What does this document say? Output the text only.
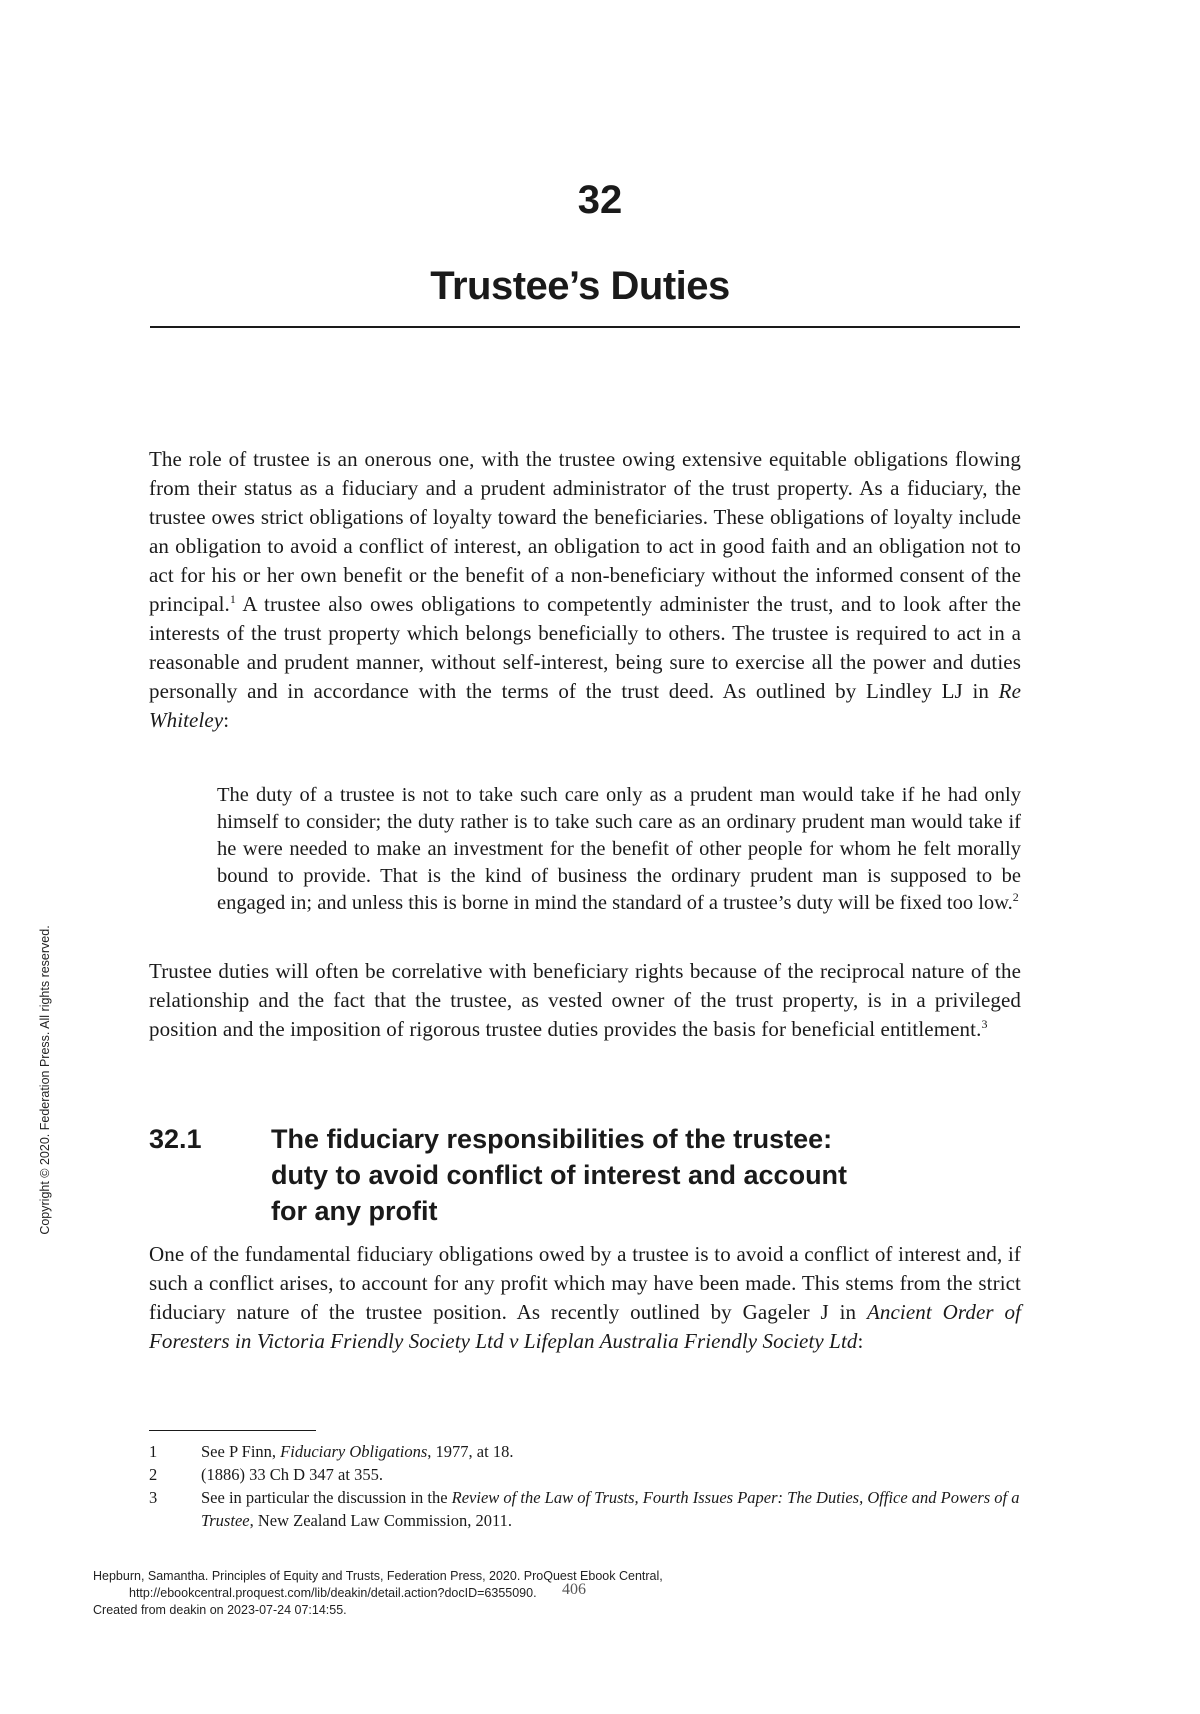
32
Trustee’s Duties

The role of trustee is an onerous one, with the trustee owing extensive equitable obligations flowing from their status as a fiduciary and a prudent administrator of the trust property. As a fiduciary, the trustee owes strict obligations of loyalty toward the beneficiaries. These obligations of loyalty include an obligation to avoid a conflict of interest, an obligation to act in good faith and an obligation not to act for his or her own benefit or the benefit of a non-beneficiary without the informed consent of the principal.$^1$ A trustee also owes obligations to competently administer the trust, and to look after the interests of the trust property which belongs beneficially to others. The trustee is required to act in a reasonable and prudent manner, without self-interest, being sure to exercise all the power and duties personally and in accordance with the terms of the trust deed. As outlined by Lindley LJ in Re Whiteley:

The duty of a trustee is not to take such care only as a prudent man would take if he had only himself to consider; the duty rather is to take such care as an ordinary prudent man would take if he were needed to make an investment for the benefit of other people for whom he felt morally bound to provide. That is the kind of business the ordinary prudent man is supposed to be engaged in; and unless this is borne in mind the standard of a trustee’s duty will be fixed too low.$^2$

Trustee duties will often be correlative with beneficiary rights because of the reciprocal nature of the relationship and the fact that the trustee, as vested owner of the trust property, is in a privileged position and the imposition of rigorous trustee duties provides the basis for beneficial entitlement.$^3$

32.1	The fiduciary responsibilities of the trustee:
duty to avoid conflict of interest and account
for any profit

One of the fundamental fiduciary obligations owed by a trustee is to avoid a conflict of interest and, if such a conflict arises, to account for any profit which may have been made. This stems from the strict fiduciary nature of the trustee position. As recently outlined by Gageler J in Ancient Order of Foresters in Victoria Friendly Society Ltd v Lifeplan Australia Friendly Society Ltd:

1	See P Finn, Fiduciary Obligations, 1977, at 18.
2	(1886) 33 Ch D 347 at 355.
3	See in particular the discussion in the Review of the Law of Trusts, Fourth Issues Paper: The Duties, Office and Powers of a Trustee, New Zealand Law Commission, 2011.
Copyright © 2020. Federation Press. All rights reserved.
Hepburn, Samantha. Principles of Equity and Trusts, Federation Press, 2020. ProQuest Ebook Central,
http://ebookcentral.proquest.com/lib/deakin/detail.action?docID=6355090.
Created from deakin on 2023-07-24 07:14:55.
406
